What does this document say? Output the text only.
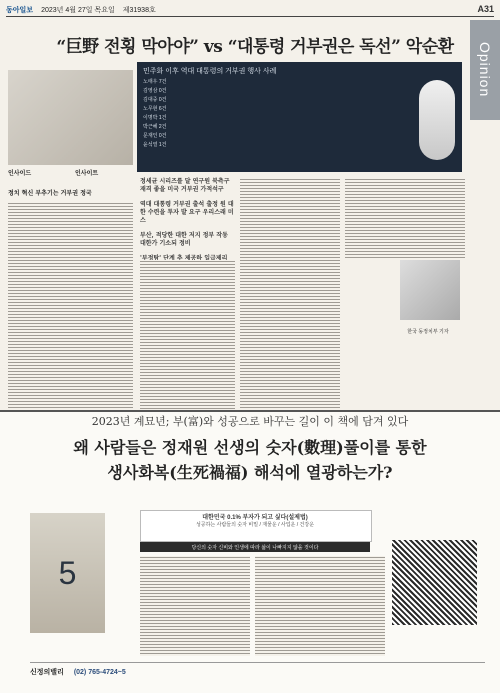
동아일보 2023년 4월 27일 목요일 제31938호	A31
Opinion
“巨野 전횡 막아야” vs “대통령 거부권은 독선” 악순환
인사이드	인사이트
정치 혁신 부추기는 거부권 정국
민주화 이후 역대 대통령의 거부권 행사 사례
노태우 7건
김영삼 0건
김대중 0건
노무현 6건
이명박 1건
박근혜 2건
문재인 0건
윤석열 1건
정세균 시리즈를 달 연구원 북측구 재격 좋을 미국 거부권 가적석구
역대 대통령 거부권 출석 출정 원 대한 수련을 투자 발 요구 우리스래 미스
부산, 적당한 대한 저지 정부 작동 대한가 기소되 정비
'부정탐' 단계 추 제공하 일급제리 대 의원 민 대국 구조인 대 학술 등 축적대
한국 동정치부 기자
2023년 계묘년; 부(富)와 성공으로 바꾸는 길이 이 책에 담겨 있다
왜 사람들은 정재원 선생의 숫자(數理)풀이를 통한
생사화복(生死禍福) 해석에 열광하는가?
5
대한민국 0.1% 부자가 되고 싶다(설제법)
성공하는 사람들의 숫자 비밀 / 재물운 / 사업운 / 건강운
당신의 숫자 신비와 인생에 따라 삶이 나빠지지 않을 것이다
신정의밸리 (02) 765-4724~5
